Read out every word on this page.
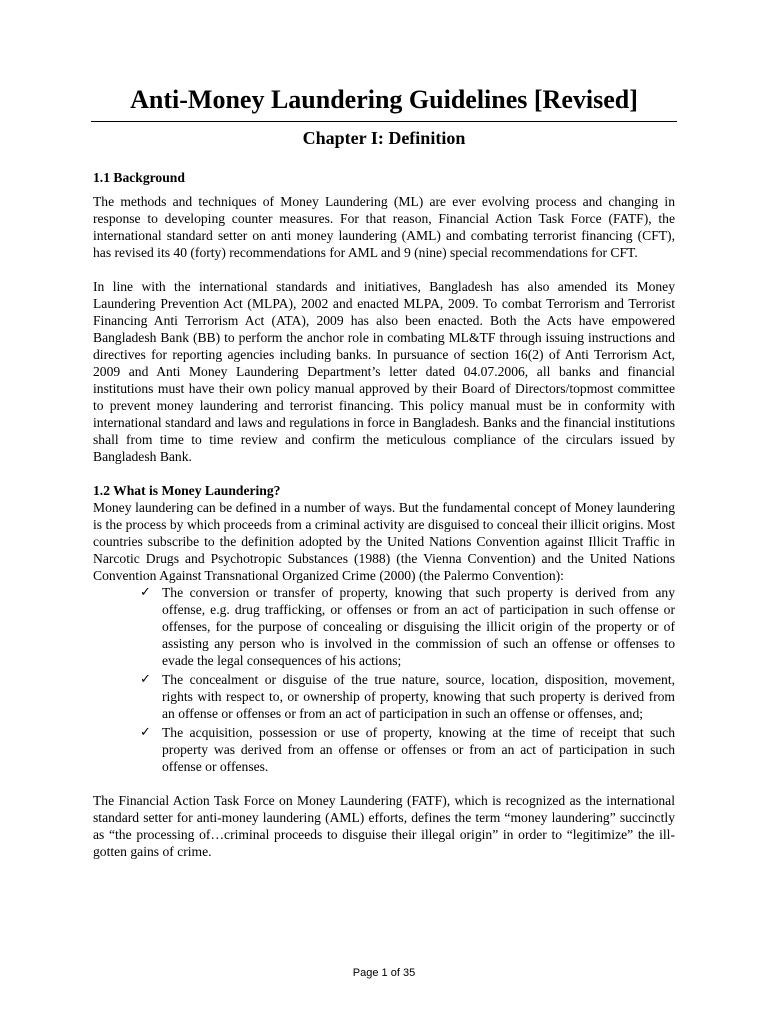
Anti-Money Laundering Guidelines [Revised]
Chapter I: Definition
1.1 Background

The methods and techniques of Money Laundering (ML) are ever evolving process and changing in response to developing counter measures. For that reason, Financial Action Task Force (FATF), the international standard setter on anti money laundering (AML) and combating terrorist financing (CFT), has revised its 40 (forty) recommendations for AML and 9 (nine) special recommendations for CFT.

In line with the international standards and initiatives, Bangladesh has also amended its Money Laundering Prevention Act (MLPA), 2002 and enacted MLPA, 2009. To combat Terrorism and Terrorist Financing Anti Terrorism Act (ATA), 2009 has also been enacted. Both the Acts have empowered Bangladesh Bank (BB) to perform the anchor role in combating ML&TF through issuing instructions and directives for reporting agencies including banks. In pursuance of section 16(2) of Anti Terrorism Act, 2009 and Anti Money Laundering Department’s letter dated 04.07.2006, all banks and financial institutions must have their own policy manual approved by their Board of Directors/topmost committee to prevent money laundering and terrorist financing. This policy manual must be in conformity with international standard and laws and regulations in force in Bangladesh. Banks and the financial institutions shall from time to time review and confirm the meticulous compliance of the circulars issued by Bangladesh Bank.

1.2 What is Money Laundering?

Money laundering can be defined in a number of ways. But the fundamental concept of Money laundering is the process by which proceeds from a criminal activity are disguised to conceal their illicit origins. Most countries subscribe to the definition adopted by the United Nations Convention against Illicit Traffic in Narcotic Drugs and Psychotropic Substances (1988) (the Vienna Convention) and the United Nations Convention Against Transnational Organized Crime (2000) (the Palermo Convention):

✓ The conversion or transfer of property, knowing that such property is derived from any offense, e.g. drug trafficking, or offenses or from an act of participation in such offense or offenses, for the purpose of concealing or disguising the illicit origin of the property or of assisting any person who is involved in the commission of such an offense or offenses to evade the legal consequences of his actions;
✓ The concealment or disguise of the true nature, source, location, disposition, movement, rights with respect to, or ownership of property, knowing that such property is derived from an offense or offenses or from an act of participation in such an offense or offenses, and;
✓ The acquisition, possession or use of property, knowing at the time of receipt that such property was derived from an offense or offenses or from an act of participation in such offense or offenses.

The Financial Action Task Force on Money Laundering (FATF), which is recognized as the international standard setter for anti-money laundering (AML) efforts, defines the term “money laundering” succinctly as “the processing of…criminal proceeds to disguise their illegal origin” in order to “legitimize” the ill-gotten gains of crime.

Page 1 of 35
